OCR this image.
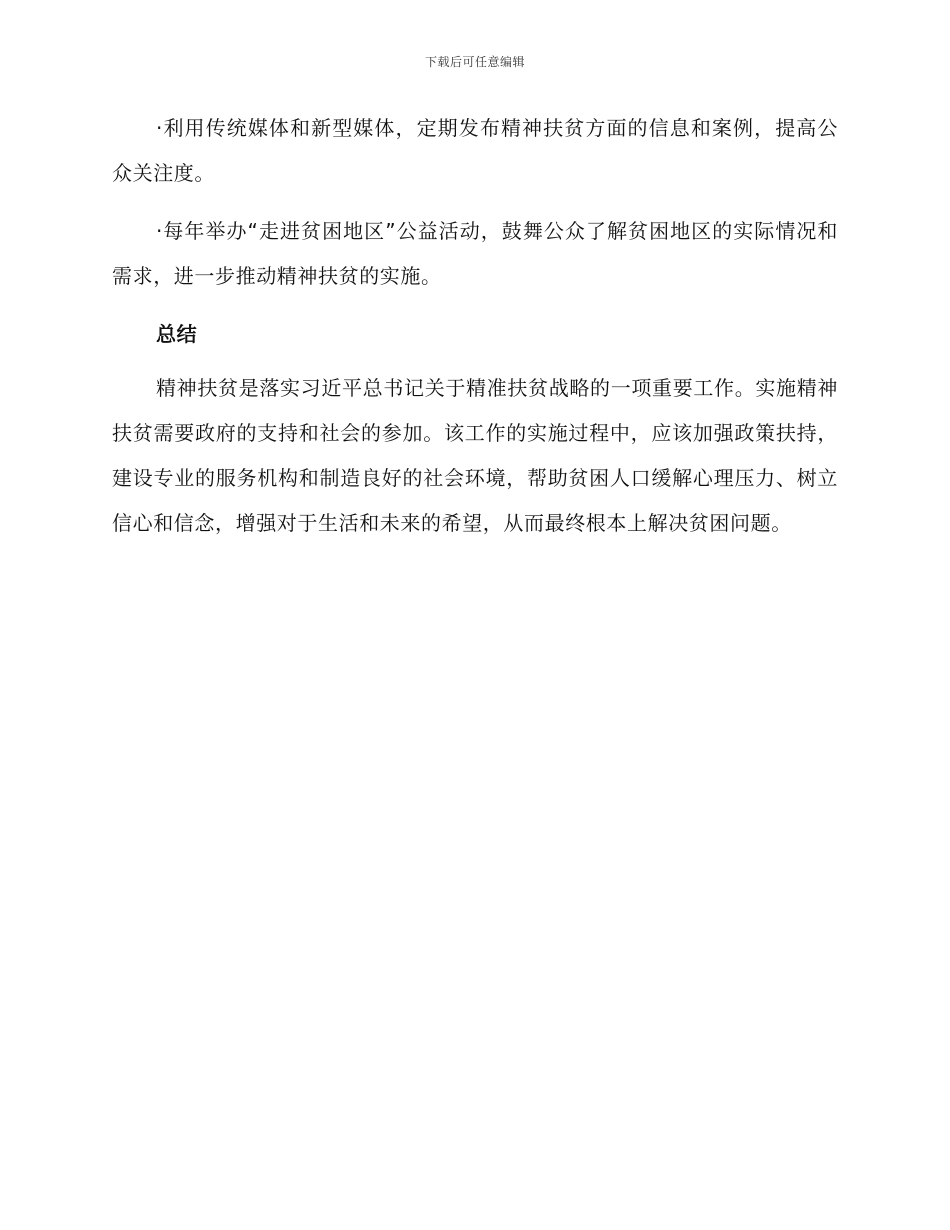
下载后可任意编辑

·利用传统媒体和新型媒体，定期发布精神扶贫方面的信息和案例，提高公众关注度。

·每年举办“走进贫困地区”公益活动，鼓舞公众了解贫困地区的实际情况和需求，进一步推动精神扶贫的实施。

总结

精神扶贫是落实习近平总书记关于精准扶贫战略的一项重要工作。实施精神扶贫需要政府的支持和社会的参加。该工作的实施过程中，应该加强政策扶持，建设专业的服务机构和制造良好的社会环境，帮助贫困人口缓解心理压力、树立信心和信念，增强对于生活和未来的希望，从而最终根本上解决贫困问题。
